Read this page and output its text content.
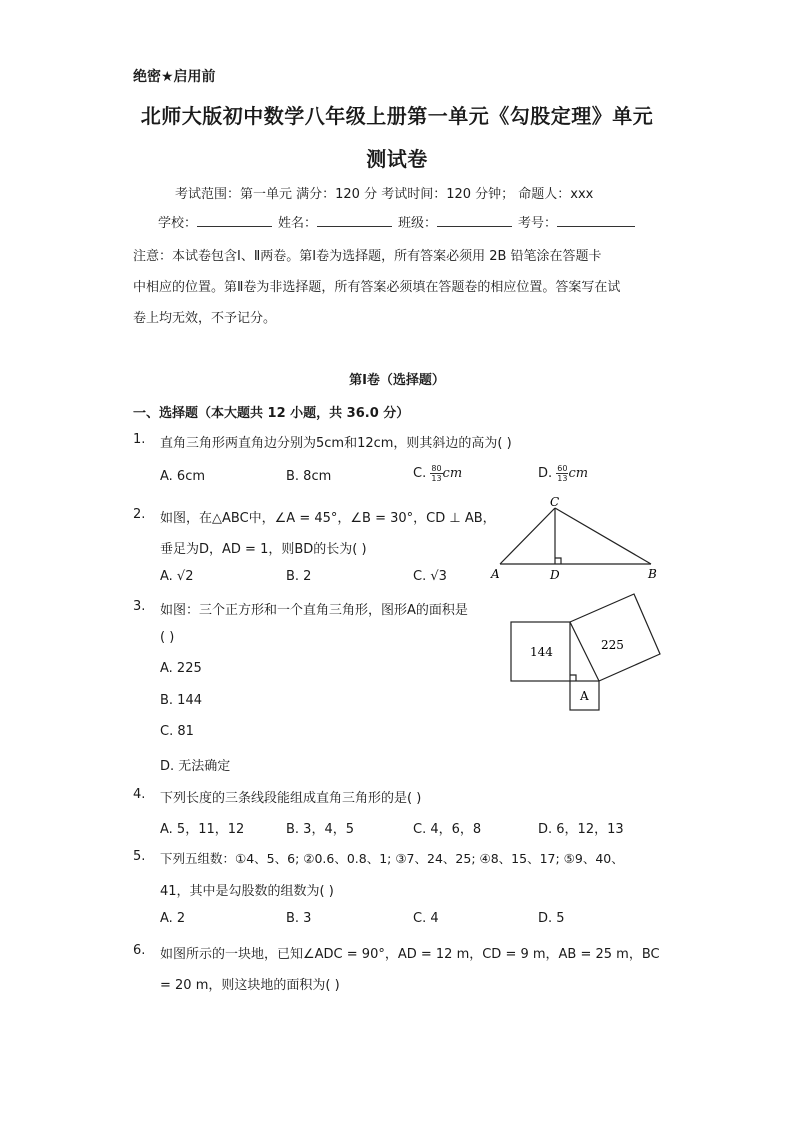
绝密★启用前
北师大版初中数学八年级上册第一单元《勾股定理》单元
测试卷
考试范围：第一单元 满分：120 分 考试时间：120 分钟； 命题人：xxx
学校：	姓名：	班级：	考号：
注意：本试卷包含Ⅰ、Ⅱ两卷。第Ⅰ卷为选择题，所有答案必须用 2B 铅笔涂在答题卡
中相应的位置。第Ⅱ卷为非选择题，所有答案必须填在答题卷的相应位置。答案写在试
卷上均无效，不予记分。
第Ⅰ卷（选择题）
一、选择题（本大题共 12 小题，共 36.0 分）
1. 直角三角形两直角边分别为5cm和12cm，则其斜边的高为( )
A. 6cm	B. 8cm	C. $\frac{80}{13}$ cm	D. $\frac{60}{13}$ cm
2. 如图，在△ABC中，∠A = 45°，∠B = 30°，CD ⊥ AB，
垂足为D，AD = 1，则BD的长为( )
A. √2	B. 2	C. √3
C
A	D	B
3. 如图：三个正方形和一个直角三角形，图形A的面积是
( )
A. 225
B. 144
C. 81
D. 无法确定
144	225
A
4. 下列长度的三条线段能组成直角三角形的是( )
A. 5，11，12	B. 3，4，5	C. 4，6，8	D. 6，12，13
5. 下列五组数：①4、5、6; ②0.6、0.8、1; ③7、24、25; ④8、15、17; ⑤9、40、
41，其中是勾股数的组数为( )
A. 2	B. 3	C. 4	D. 5
6. 如图所示的一块地，已知∠ADC = 90°，AD = 12 m，CD = 9 m，AB = 25 m，BC
= 20 m，则这块地的面积为( )
